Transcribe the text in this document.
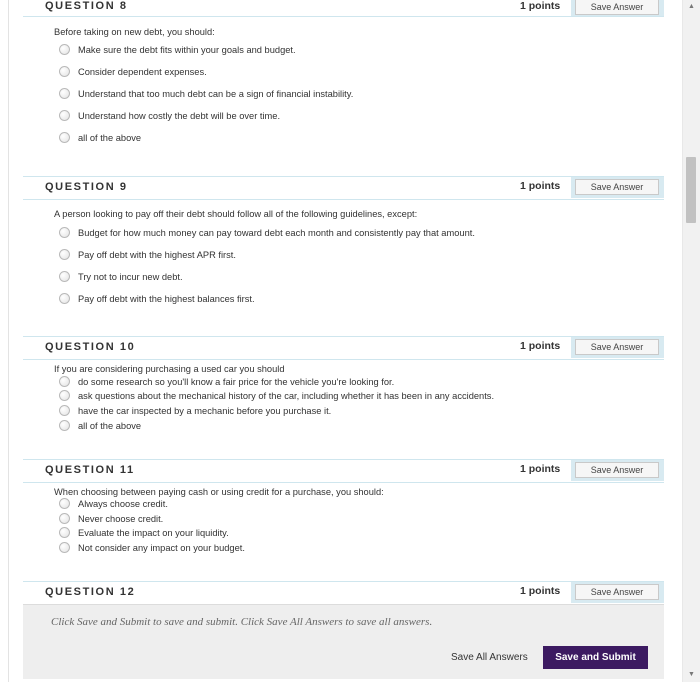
QUESTION 8	1 points	Save Answer
Before taking on new debt, you should:
Make sure the debt fits within your goals and budget.
Consider dependent expenses.
Understand that too much debt can be a sign of financial instability.
Understand how costly the debt will be over time.
all of the above
QUESTION 9	1 points	Save Answer
A person looking to pay off their debt should follow all of the following guidelines, except:
Budget for how much money can pay toward debt each month and consistently pay that amount.
Pay off debt with the highest APR first.
Try not to incur new debt.
Pay off debt with the highest balances first.
QUESTION 10	1 points	Save Answer
If you are considering purchasing a used car you should
do some research so you'll know a fair price for the vehicle you're looking for.
ask questions about the mechanical history of the car, including whether it has been in any accidents.
have the car inspected by a mechanic before you purchase it.
all of the above
QUESTION 11	1 points	Save Answer
When choosing between paying cash or using credit for a purchase, you should:
Always choose credit.
Never choose credit.
Evaluate the impact on your liquidity.
Not consider any impact on your budget.
QUESTION 12	1 points	Save Answer
Click Save and Submit to save and submit. Click Save All Answers to save all answers.
Save All Answers	Save and Submit
▲
▼
